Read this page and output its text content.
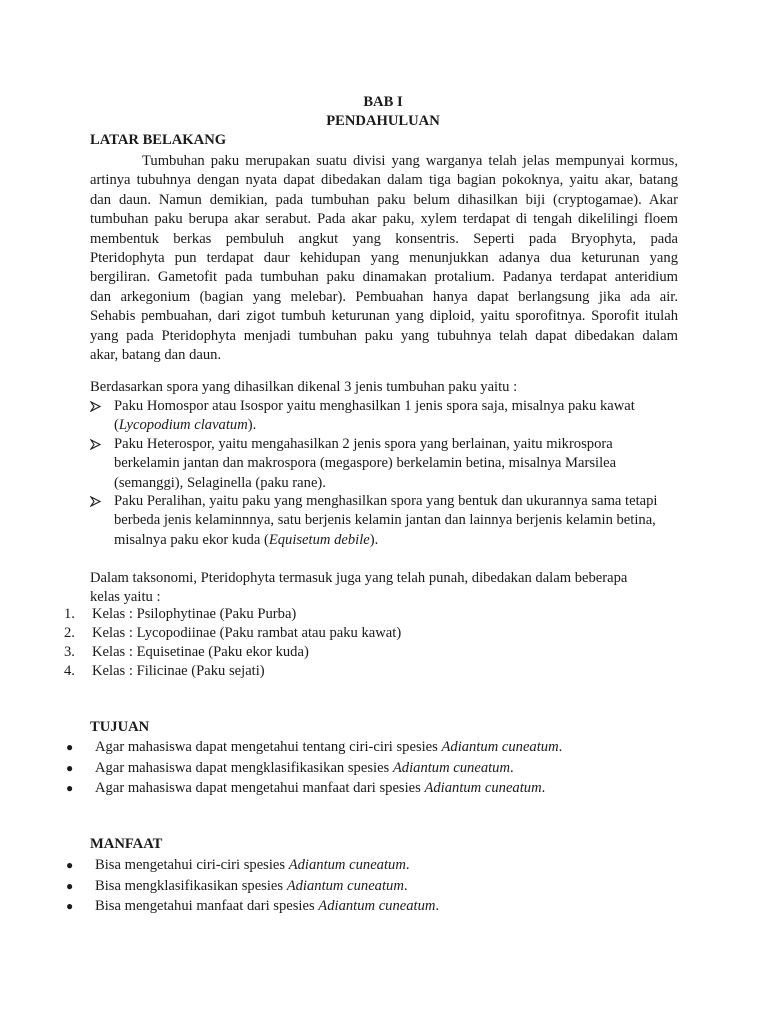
BAB I
PENDAHULUAN
LATAR BELAKANG
Tumbuhan paku merupakan suatu divisi yang warganya telah jelas mempunyai kormus,
artinya tubuhnya dengan nyata dapat dibedakan dalam tiga bagian pokoknya, yaitu akar, batang
dan daun. Namun demikian, pada tumbuhan paku belum dihasilkan biji (cryptogamae). Akar
tumbuhan paku berupa akar serabut. Pada akar paku, xylem terdapat di tengah dikelilingi floem
membentuk berkas pembuluh angkut yang konsentris. Seperti pada Bryophyta, pada
Pteridophyta pun terdapat daur kehidupan yang menunjukkan adanya dua keturunan yang
bergiliran. Gametofit pada tumbuhan paku dinamakan protalium. Padanya terdapat anteridium
dan arkegonium (bagian yang melebar). Pembuahan hanya dapat berlangsung jika ada air.
Sehabis pembuahan, dari zigot tumbuh keturunan yang diploid, yaitu sporofitnya. Sporofit itulah
yang pada Pteridophyta menjadi tumbuhan paku yang tubuhnya telah dapat dibedakan dalam
akar, batang dan daun.
Berdasarkan spora yang dihasilkan dikenal 3 jenis tumbuhan paku yaitu :
Paku Homospor atau Isospor yaitu menghasilkan 1 jenis spora saja, misalnya paku kawat
(Lycopodium clavatum).
Paku Heterospor, yaitu mengahasilkan 2 jenis spora yang berlainan, yaitu mikrospora
berkelamin jantan dan makrospora (megaspore) berkelamin betina, misalnya Marsilea
(semanggi), Selaginella (paku rane).
Paku Peralihan, yaitu paku yang menghasilkan spora yang bentuk dan ukurannya sama tetapi
berbeda jenis kelaminnnya, satu berjenis kelamin jantan dan lainnya berjenis kelamin betina,
misalnya paku ekor kuda (Equisetum debile).
Dalam taksonomi, Pteridophyta termasuk juga yang telah punah, dibedakan dalam beberapa
kelas yaitu :
1. Kelas : Psilophytinae (Paku Purba)
2. Kelas : Lycopodiinae (Paku rambat atau paku kawat)
3. Kelas : Equisetinae (Paku ekor kuda)
4. Kelas : Filicinae (Paku sejati)
TUJUAN
● Agar mahasiswa dapat mengetahui tentang ciri-ciri spesies Adiantum cuneatum.
● Agar mahasiswa dapat mengklasifikasikan spesies Adiantum cuneatum.
● Agar mahasiswa dapat mengetahui manfaat dari spesies Adiantum cuneatum.
MANFAAT
● Bisa mengetahui ciri-ciri spesies Adiantum cuneatum.
● Bisa mengklasifikasikan spesies Adiantum cuneatum.
● Bisa mengetahui manfaat dari spesies Adiantum cuneatum.
